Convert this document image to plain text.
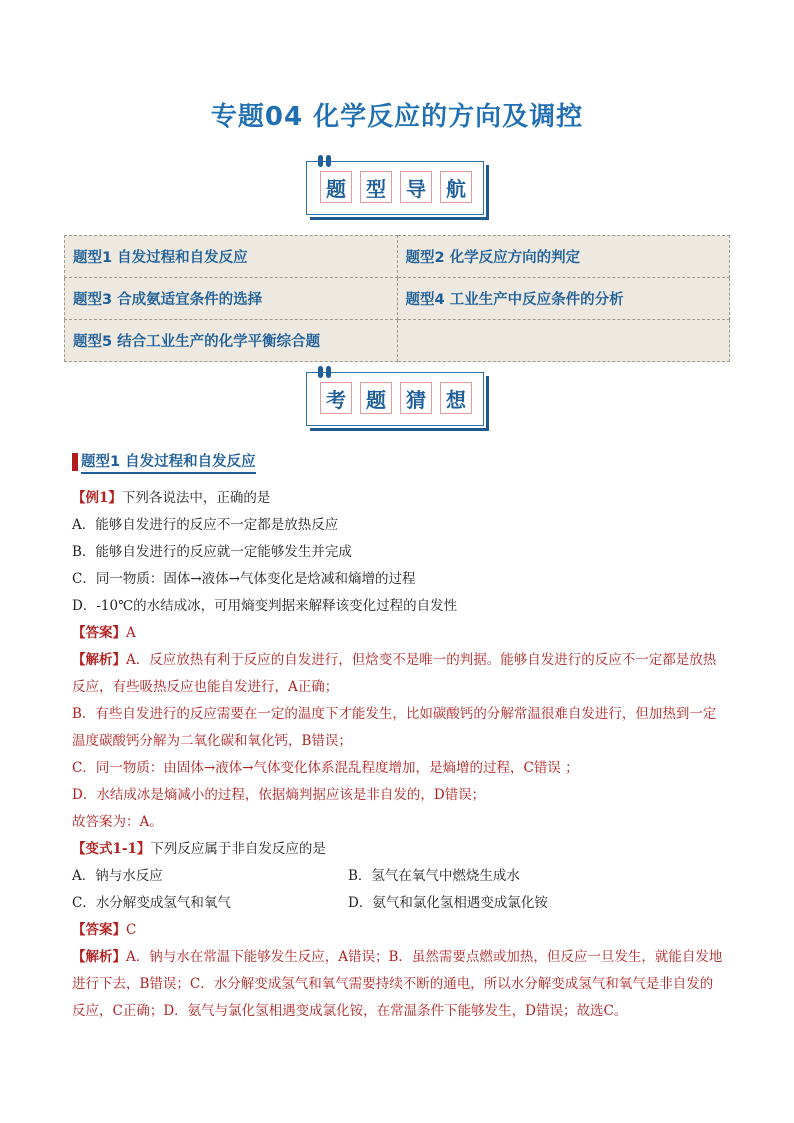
专题04 化学反应的方向及调控
题	型	导	航
题型1 自发过程和自发反应	题型2 化学反应方向的判定
题型3 合成氨适宜条件的选择	题型4 工业生产中反应条件的分析
题型5 结合工业生产的化学平衡综合题	
考	题	猜	想
题型1 自发过程和自发反应
【例1】下列各说法中，正确的是
A．能够自发进行的反应不一定都是放热反应
B．能够自发进行的反应就一定能够发生并完成
C．同一物质：固体→液体→气体变化是焓减和熵增的过程
D．-10℃的水结成冰，可用熵变判据来解释该变化过程的自发性
【答案】A
【解析】A．反应放热有利于反应的自发进行，但焓变不是唯一的判据。能够自发进行的反应不一定都是放热反应，有些吸热反应也能自发进行，A正确；
B．有些自发进行的反应需要在一定的温度下才能发生，比如碳酸钙的分解常温很难自发进行，但加热到一定温度碳酸钙分解为二氧化碳和氧化钙，B错误；
C．同一物质：由固体→液体→气体变化体系混乱程度增加，是熵增的过程，C错误 ；
D．水结成冰是熵减小的过程，依据熵判据应该是非自发的，D错误；
故答案为：A。
【变式1-1】下列反应属于非自发反应的是
A．钠与水反应	B．氢气在氧气中燃烧生成水
C．水分解变成氢气和氧气	D．氨气和氯化氢相遇变成氯化铵
【答案】C
【解析】A．钠与水在常温下能够发生反应，A错误；B．虽然需要点燃或加热，但反应一旦发生，就能自发地进行下去，B错误；C．水分解变成氢气和氧气需要持续不断的通电，所以水分解变成氢气和氧气是非自发的反应，C正确；D．氨气与氯化氢相遇变成氯化铵，在常温条件下能够发生，D错误；故选C。
